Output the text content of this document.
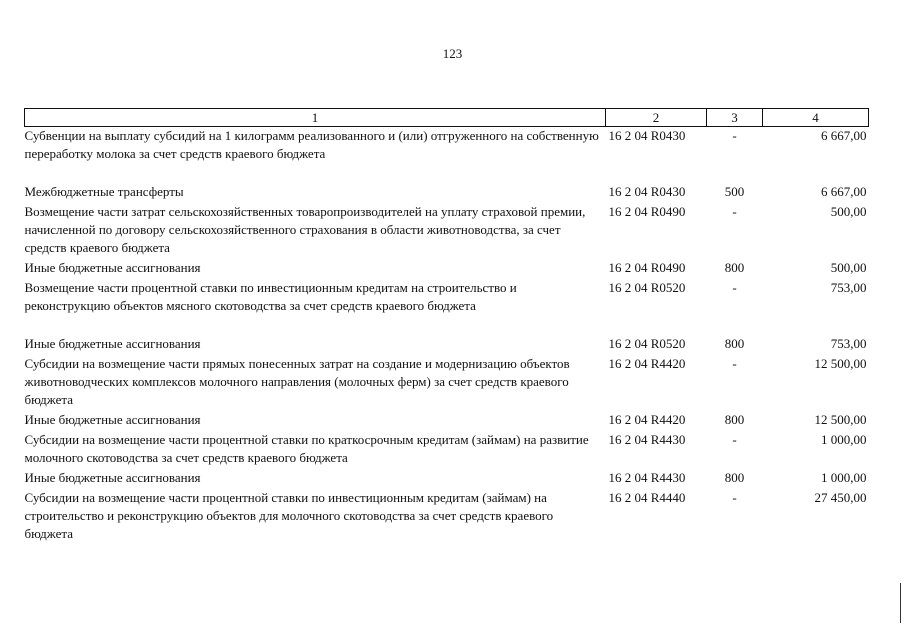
123
1	2	3	4
Субвенции на выплату субсидий на 1 килограмм реализованного и (или) отгруженного на собственную переработку молока за счет средств краевого бюджета	16 2 04 R0430	-	6 667,00
Межбюджетные трансферты	16 2 04 R0430	500	6 667,00
Возмещение части затрат сельскохозяйственных товаропроизводителей на уплату страховой премии, начисленной по договору сельскохозяйственного страхования в области животноводства, за счет средств краевого бюджета	16 2 04 R0490	-	500,00
Иные бюджетные ассигнования	16 2 04 R0490	800	500,00
Возмещение части процентной ставки по инвестиционным кредитам на строительство и реконструкцию объектов мясного скотоводства за счет средств краевого бюджета	16 2 04 R0520	-	753,00
Иные бюджетные ассигнования	16 2 04 R0520	800	753,00
Субсидии на возмещение части прямых понесенных затрат на создание и модернизацию объектов животноводческих комплексов молочного направления (молочных ферм) за счет средств краевого бюджета	16 2 04 R4420	-	12 500,00
Иные бюджетные ассигнования	16 2 04 R4420	800	12 500,00
Субсидии на возмещение части процентной ставки по краткосрочным кредитам (займам) на развитие молочного скотоводства за счет средств краевого бюджета	16 2 04 R4430	-	1 000,00
Иные бюджетные ассигнования	16 2 04 R4430	800	1 000,00
Субсидии на возмещение части процентной ставки по инвестиционным кредитам (займам) на строительство и реконструкцию объектов для молочного скотоводства за счет средств краевого бюджета	16 2 04 R4440	-	27 450,00
